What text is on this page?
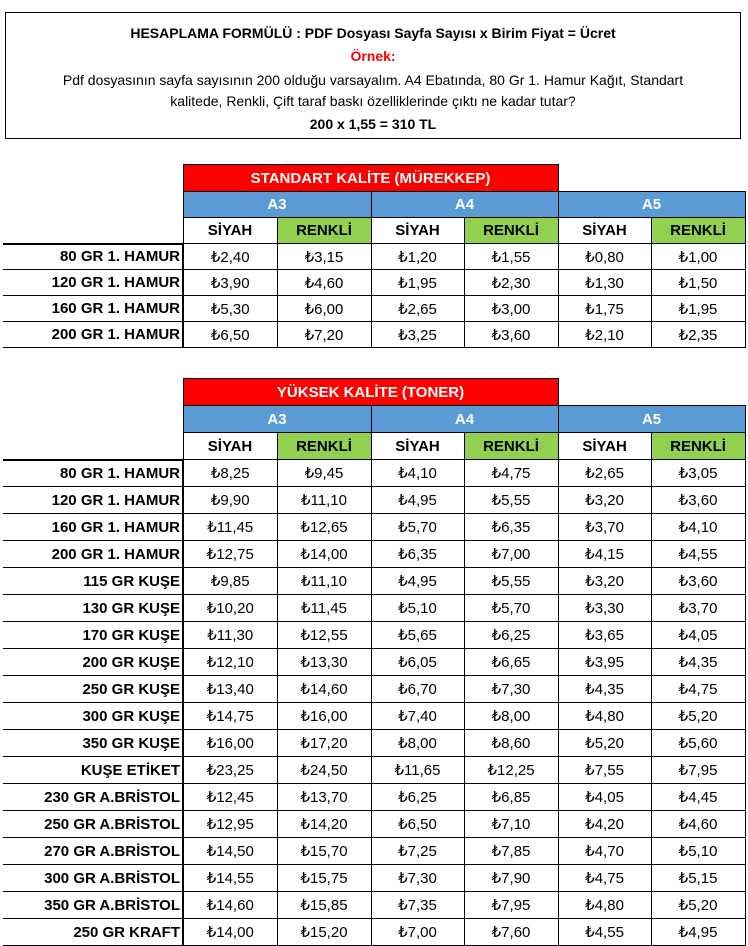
HESAPLAMA FORMÜLÜ : PDF Dosyası Sayfa Sayısı x Birim Fiyat = Ücret
Örnek:
Pdf dosyasının sayfa sayısının 200 olduğu varsayalım. A4 Ebatında, 80 Gr 1. Hamur Kağıt, Standart
kalitede, Renkli, Çift taraf baskı özelliklerinde çıktı ne kadar tutar?
200 x 1,55 = 310 TL
	STANDART KALİTE (MÜREKKEP)					
	A3		A4		A5	
	SİYAH	RENKLİ	SİYAH	RENKLİ	SİYAH	RENKLİ
80 GR 1. HAMUR	₺2,40	₺3,15	₺1,20	₺1,55	₺0,80	₺1,00
120 GR 1. HAMUR	₺3,90	₺4,60	₺1,95	₺2,30	₺1,30	₺1,50
160 GR 1. HAMUR	₺5,30	₺6,00	₺2,65	₺3,00	₺1,75	₺1,95
200 GR 1. HAMUR	₺6,50	₺7,20	₺3,25	₺3,60	₺2,10	₺2,35
	YÜKSEK KALİTE (TONER)					
	A3		A4		A5	
	SİYAH	RENKLİ	SİYAH	RENKLİ	SİYAH	RENKLİ
80 GR 1. HAMUR	₺8,25	₺9,45	₺4,10	₺4,75	₺2,65	₺3,05
120 GR 1. HAMUR	₺9,90	₺11,10	₺4,95	₺5,55	₺3,20	₺3,60
160 GR 1. HAMUR	₺11,45	₺12,65	₺5,70	₺6,35	₺3,70	₺4,10
200 GR 1. HAMUR	₺12,75	₺14,00	₺6,35	₺7,00	₺4,15	₺4,55
115 GR KUŞE	₺9,85	₺11,10	₺4,95	₺5,55	₺3,20	₺3,60
130 GR KUŞE	₺10,20	₺11,45	₺5,10	₺5,70	₺3,30	₺3,70
170 GR KUŞE	₺11,30	₺12,55	₺5,65	₺6,25	₺3,65	₺4,05
200 GR KUŞE	₺12,10	₺13,30	₺6,05	₺6,65	₺3,95	₺4,35
250 GR KUŞE	₺13,40	₺14,60	₺6,70	₺7,30	₺4,35	₺4,75
300 GR KUŞE	₺14,75	₺16,00	₺7,40	₺8,00	₺4,80	₺5,20
350 GR KUŞE	₺16,00	₺17,20	₺8,00	₺8,60	₺5,20	₺5,60
KUŞE ETİKET	₺23,25	₺24,50	₺11,65	₺12,25	₺7,55	₺7,95
230 GR A.BRİSTOL	₺12,45	₺13,70	₺6,25	₺6,85	₺4,05	₺4,45
250 GR A.BRİSTOL	₺12,95	₺14,20	₺6,50	₺7,10	₺4,20	₺4,60
270 GR A.BRİSTOL	₺14,50	₺15,70	₺7,25	₺7,85	₺4,70	₺5,10
300 GR A.BRİSTOL	₺14,55	₺15,75	₺7,30	₺7,90	₺4,75	₺5,15
350 GR A.BRİSTOL	₺14,60	₺15,85	₺7,35	₺7,95	₺4,80	₺5,20
250 GR KRAFT	₺14,00	₺15,20	₺7,00	₺7,60	₺4,55	₺4,95
